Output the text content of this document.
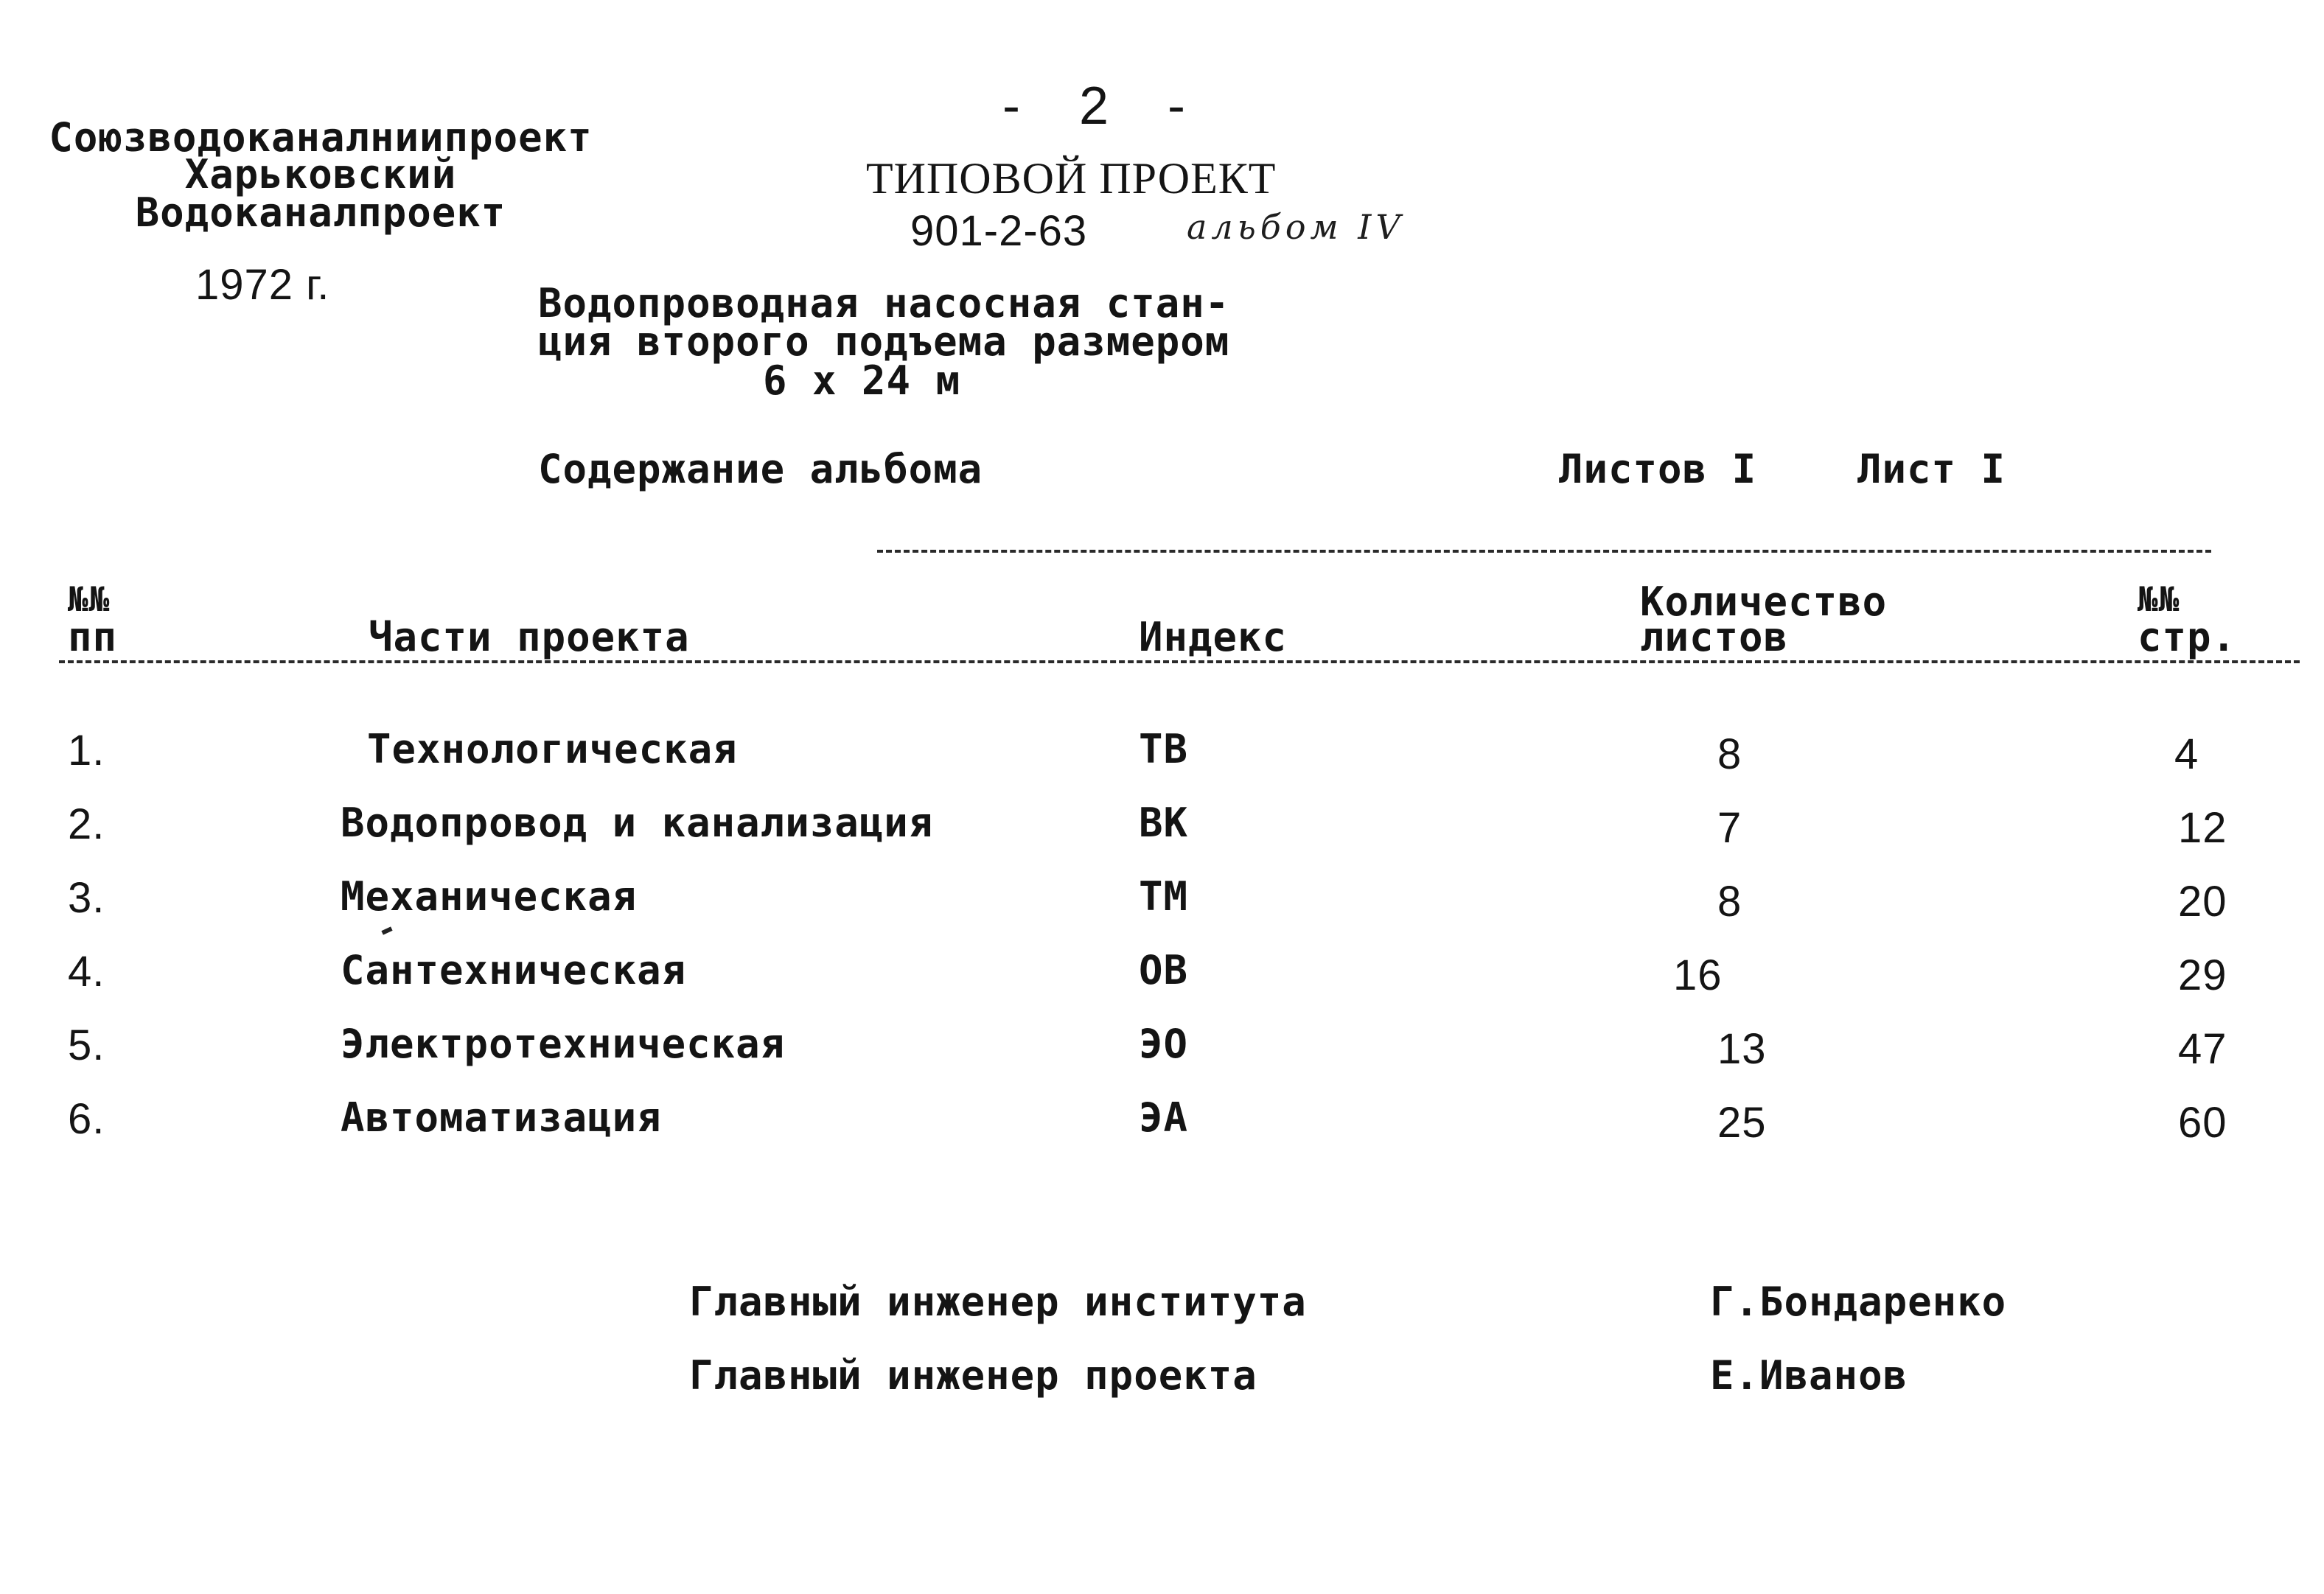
- 2 -
Союзводоканалниипроект
Харьковский
Водоканалпроект
1972 г.
ТИПОВОЙ ПРОЕКТ
901-2-63	альбом IV
Водопроводная насосная стан-
ция второго подъема размером
6 x 24 м
Содержание альбома	Листов I	Лист I
№№
пп	Части проекта	Индекс
Количество
листов
№№
стр.
1.	Технологическая	ТВ	8	4
2.	Водопровод и канализация	ВК	7	12
3.	Механическая	ТМ	8	20
4.	Сантехническая	ОВ	16	29
5.	Электротехническая	ЭО	13	47
6.	Автоматизация	ЭА	25	60
Главный инженер института	Г.Бондаренко
Главный инженер проекта	Е.Иванов
